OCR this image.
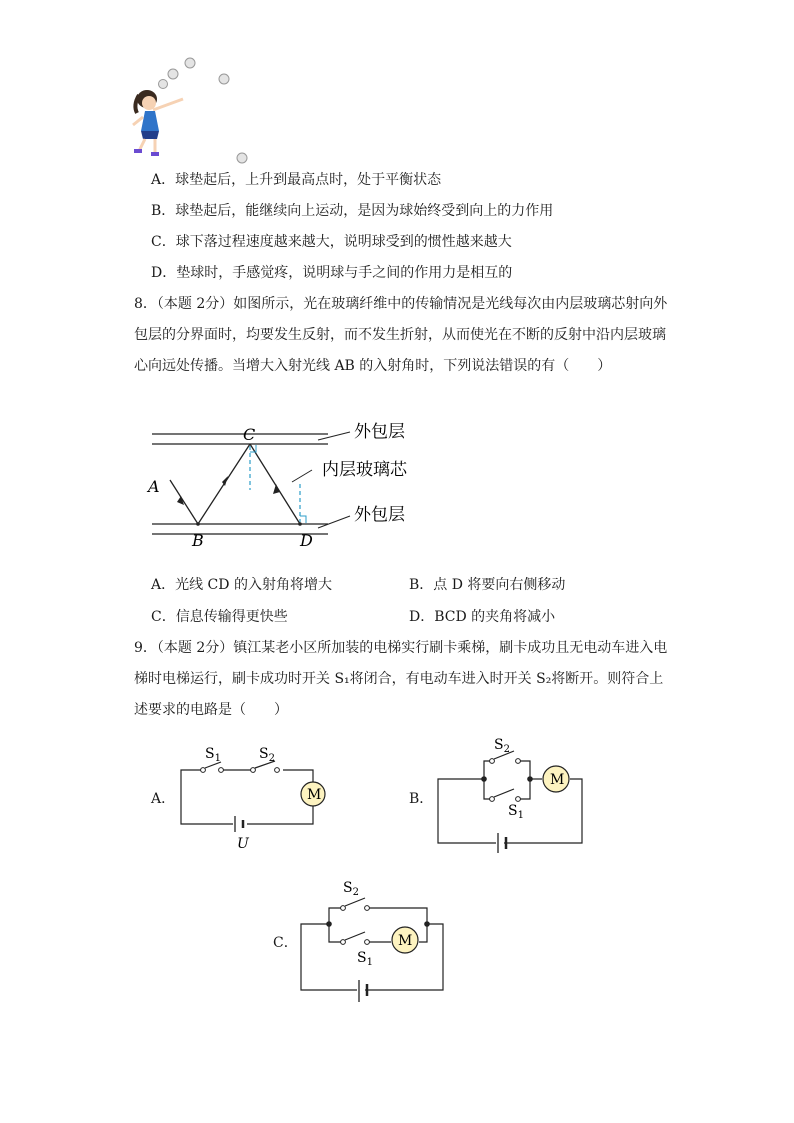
A．球垫起后，上升到最高点时，处于平衡状态
B．球垫起后，能继续向上运动，是因为球始终受到向上的力作用
C．球下落过程速度越来越大，说明球受到的惯性越来越大
D．垫球时，手感觉疼，说明球与手之间的作用力是相互的
8．（本题 2分）如图所示，光在玻璃纤维中的传输情况是光线每次由内层玻璃芯射向外
包层的分界面时，均要发生反射，而不发生折射，从而使光在不断的反射中沿内层玻璃
心向远处传播。当增大入射光线 AB 的入射角时，下列说法错误的有（　　）
C
A
B	D
外包层
内层玻璃芯
外包层
A．光线 CD 的入射角将增大	B．点 D 将要向右侧移动
C．信息传输得更快些	D．BCD 的夹角将减小
9．（本题 2分）镇江某老小区所加装的电梯实行刷卡乘梯，刷卡成功且无电动车进入电
梯时电梯运行，刷卡成功时开关 S₁将闭合，有电动车进入时开关 S₂将断开。则符合上
述要求的电路是（　　）
A．	M
$S_1$	$S_2$
U
B．
M
$S_2$
$S_1$
C．	M
$S_2$
$S_1$
